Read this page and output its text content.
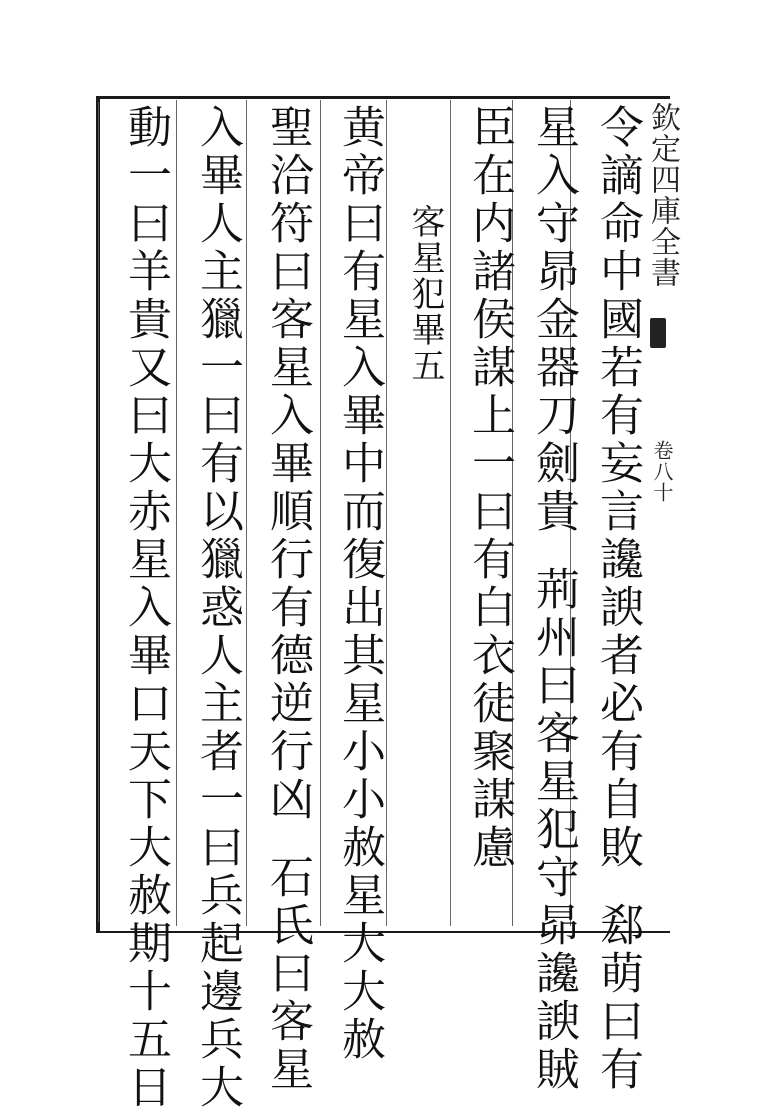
欽定四庫全書
卷八十
令謫命中國若有妄言讒諛者必有自敗郄萌曰有
星入守昴金器刀劍貴荊州曰客星犯守昴讒諛賊
臣在内諸侯謀上一曰有白衣徒聚謀慮
客星犯畢五
黄帝曰有星入畢中而復出其星小小赦星大大赦
聖洽符曰客星入畢順行有德逆行凶石氏曰客星
入畢人主獵一曰有以獵惑人主者一曰兵起邊兵大
動一曰羊貴又曰大赤星入畢口天下大赦期十五日
